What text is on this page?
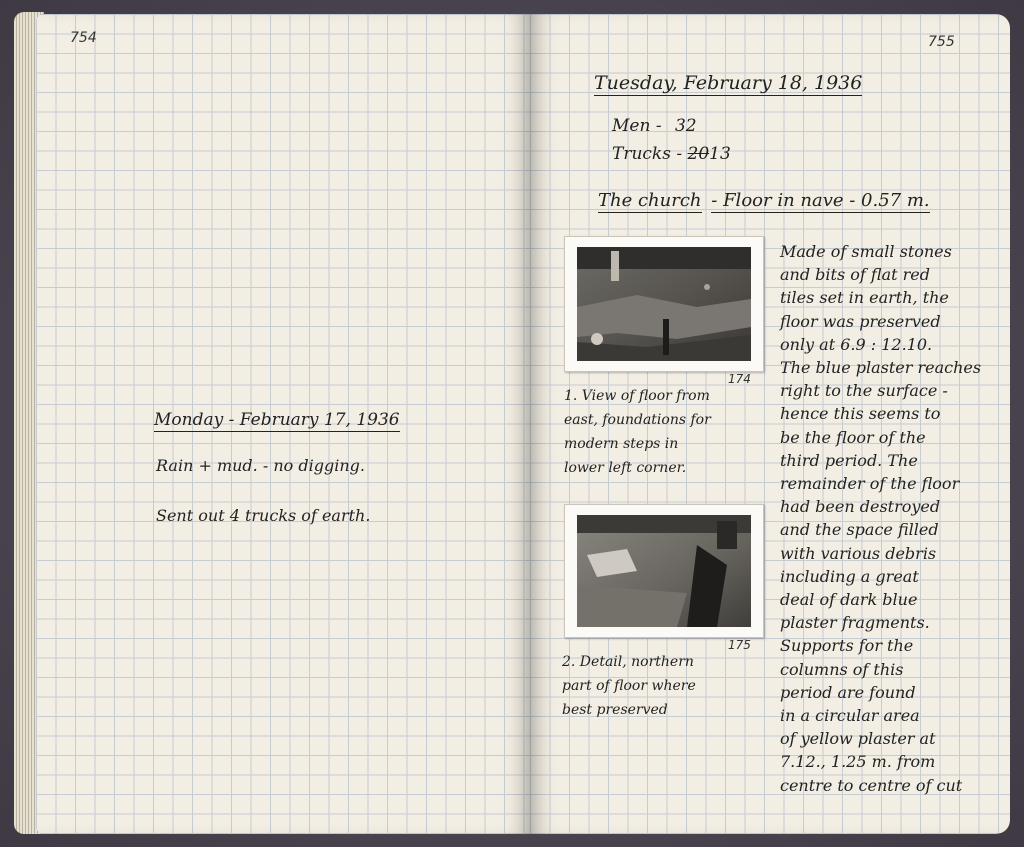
754
Monday - February 17, 1936
Rain + mud. - no digging.
Sent out 4 trucks of earth.
755
Tuesday, February 18, 1936
Men - 32
Trucks - 2013
The church - Floor in nave - 0.57 m.
174
1. View of floor from
east, foundations for
modern steps in
lower left corner.
175
2. Detail, northern
part of floor where
best preserved
Made of small stones
and bits of flat red
tiles set in earth, the
floor was preserved
only at 6.9 : 12.10.
The blue plaster reaches
right to the surface -
hence this seems to
be the floor of the
third period. The
remainder of the floor
had been destroyed
and the space filled
with various debris
including a great
deal of dark blue
plaster fragments.
Supports for the
columns of this
period are found
in a circular area
of yellow plaster at
7.12., 1.25 m. from
centre to centre of cut
